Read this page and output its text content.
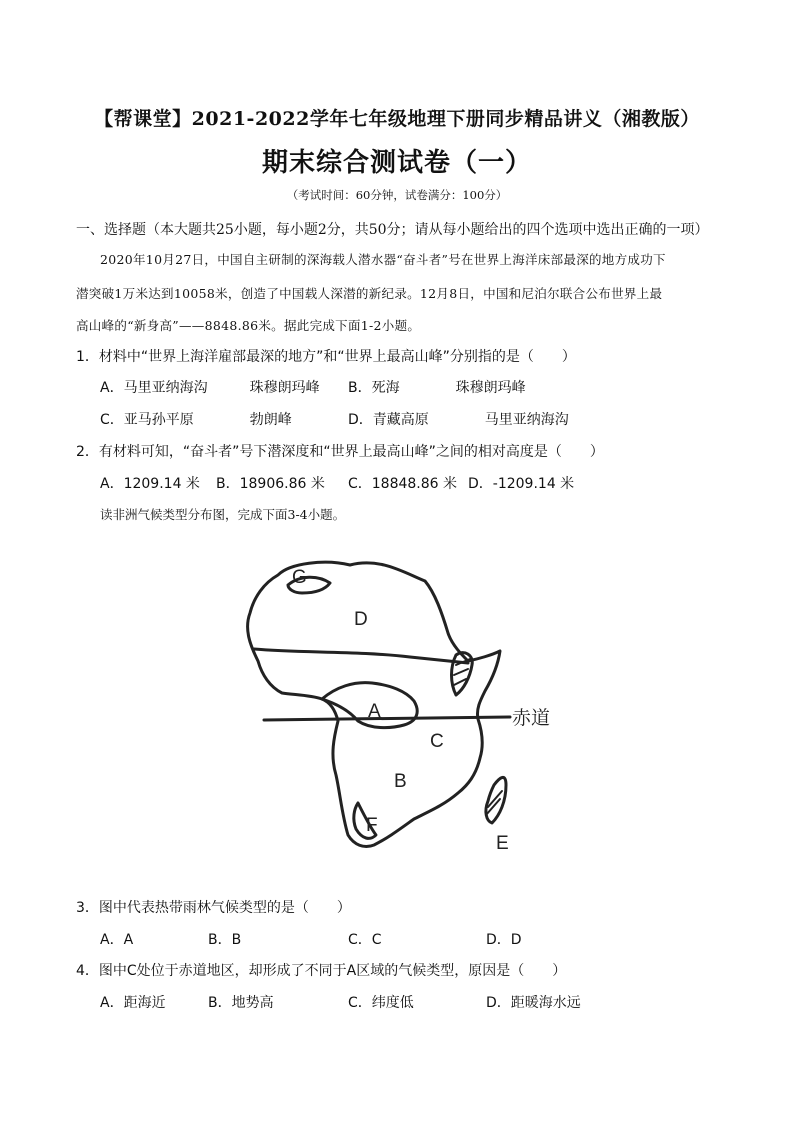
【帮课堂】2021-2022学年七年级地理下册同步精品讲义（湘教版）
期末综合测试卷（一）
（考试时间：60分钟，试卷满分：100分）
一、选择题（本大题共25小题，每小题2分，共50分；请从每小题给出的四个选项中选出正确的一项）
2020年10月27日，中国自主研制的深海载人潜水器“奋斗者”号在世界上海洋床部最深的地方成功下
潜突破1万米达到10058米，创造了中国载人深潜的新纪录。12月8日，中国和尼泊尔联合公布世界上最
高山峰的“新身高”——8848.86米。据此完成下面1-2小题。
1．材料中“世界上海洋雇部最深的地方”和“世界上最高山峰”分别指的是（　　）
A．马里亚纳海沟　　　珠穆朗玛峰 B．死海　　　　珠穆朗玛峰
C．亚马孙平原　　　　勃朗峰	D．青藏高原　　　　马里亚纳海沟
2．有材料可知，“奋斗者”号下潜深度和“世界上最高山峰”之间的相对高度是（　　）
A．1209.14 米 B．18906.86 米 C．18848.86 米 D．-1209.14 米
读非洲气候类型分布图，完成下面3-4小题。
G
D
A
C
B
F
E
赤道
3．图中代表热带雨林气候类型的是（　　）
A．A	B．B	C．C	D．D
4．图中C处位于赤道地区，却形成了不同于A区域的气候类型，原因是（　　）
A．距海近	B．地势高	C．纬度低	D．距暖海水远
